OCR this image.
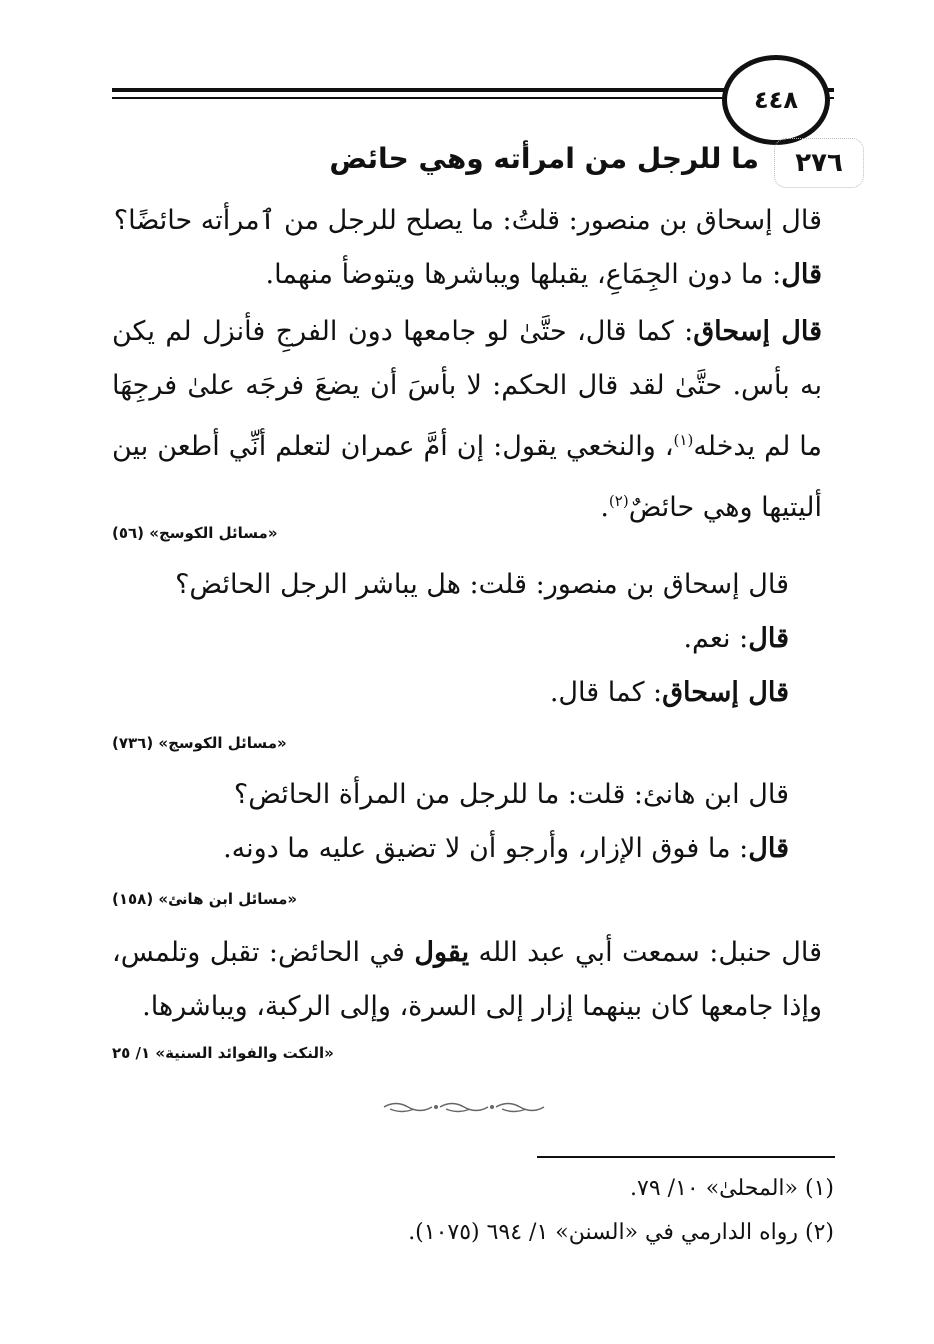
٤٤٨
٢٧٦
ما للرجل من امرأته وهي حائض
قال إسحاق بن منصور: قلتُ: ما يصلح للرجل من ٱمرأته حائضًا؟
قال: ما دون الجِمَاعِ، يقبلها ويباشرها ويتوضأ منهما.
قال إسحاق: كما قال، حتَّىٰ لو جامعها دون الفرجِ فأنزل لم يكن به بأس. حتَّىٰ لقد قال الحكم: لا بأسَ أن يضعَ فرجَه علىٰ فرجِهَا ما لم يدخله$^{(١)}$، والنخعي يقول: إن أمَّ عمران لتعلم أنِّي أطعن بين أليتيها وهي حائضٌ$^{(٢)}$.
«مسائل الكوسج» (٥٦)
قال إسحاق بن منصور: قلت: هل يباشر الرجل الحائض؟
قال: نعم.
قال إسحاق: كما قال.
«مسائل الكوسج» (٧٣٦)
قال ابن هانئ: قلت: ما للرجل من المرأة الحائض؟
قال: ما فوق الإزار، وأرجو أن لا تضيق عليه ما دونه.
«مسائل ابن هانئ» (١٥٨)
قال حنبل: سمعت أبي عبد الله يقول في الحائض: تقبل وتلمس، وإذا جامعها كان بينهما إزار إلى السرة، وإلى الركبة، ويباشرها.
«النكت والفوائد السنية» ١/ ٢٥
(١) «المحلىٰ» ١٠/ ٧٩.
(٢) رواه الدارمي في «السنن» ١/ ٦٩٤ (١٠٧٥).
